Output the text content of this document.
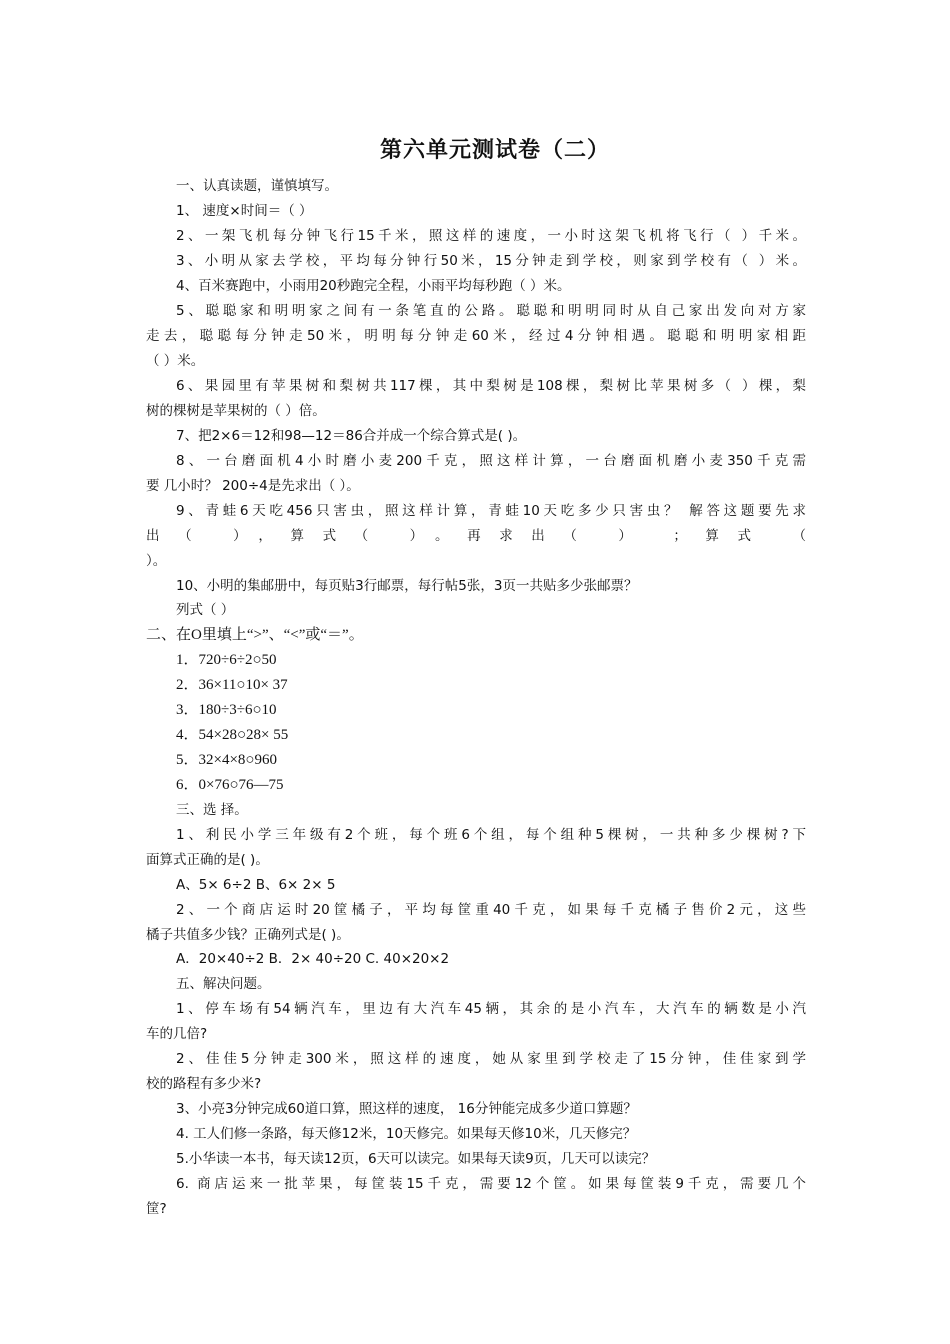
第六单元测试卷（二）
一、认真读题，谨慎填写。
1、 速度×时间＝（ ）
2、一架飞机每分钟飞行15千米，照这样的速度，一小时这架飞机将飞行（ ）千米。
3、小明从家去学校，平均每分钟行50米，15分钟走到学校，则家到学校有（ ）米。
4、百米赛跑中，小雨用20秒跑完全程，小雨平均每秒跑（ ）米。
5、聪聪家和明明家之间有一条笔直的公路。聪聪和明明同时从自己家出发向对方家
走去，聪聪每分钟走50米，明明每分钟走60米，经过4分钟相遇。聪聪和明明家相距
（ ）米。
6、果园里有苹果树和梨树共117棵，其中梨树是108棵，梨树比苹果树多（ ）棵，梨
树的棵树是苹果树的（ ）倍。
7、把2×6＝12和98—12＝86合并成一个综合算式是( )。
8、一台磨面机4小时磨小麦200千克，照这样计算，一台磨面机磨小麦350千克需
要 几小时？ 200÷4是先求出（ ）。
9、青蛙6天吃456只害虫，照这样计算，青蛙10天吃多少只害虫？ 解答这题要先求
出（ ），算式（ ）。再求出（ ） ；算式 （
）。
10、小明的集邮册中，每页贴3行邮票，每行帖5张，3页一共贴多少张邮票？
列式（ ）
二、在O里填上“>”、“<”或“＝”。
1．720÷6÷2○50
2．36×11○10× 37
3．180÷3÷6○10
4．54×28○28× 55
5．32×4×8○960
6．0×76○76—75
三、选 择。
1、利民小学三年级有2个班，每个班6个组，每个组种5棵树，一共种多少棵树?下
面算式正确的是( )。
A、5× 6÷2 B、6× 2× 5
2、一个商店运时20筐橘子，平均每筐重40千克，如果每千克橘子售价2元，这些
橘子共值多少钱？正确列式是( )。
A．20×40÷2 B．2× 40÷20 C. 40×20×2
五、解决问题。
1、停车场有54辆汽车，里边有大汽车45辆，其余的是小汽车，大汽车的辆数是小汽
车的几倍?
2、佳佳5分钟走300米，照这样的速度，她从家里到学校走了15分钟，佳佳家到学
校的路程有多少米?
3、小亮3分钟完成60道口算，照这样的速度， 16分钟能完成多少道口算题？
4. 工人们修一条路，每天修12米，10天修完。如果每天修10米，几天修完？
5.小华读一本书，每天读12页，6天可以读完。如果每天读9页，几天可以读完？
6. 商店运来一批苹果，每筐装15千克，需要12个筐。如果每筐装9千克，需要几个
筐?
